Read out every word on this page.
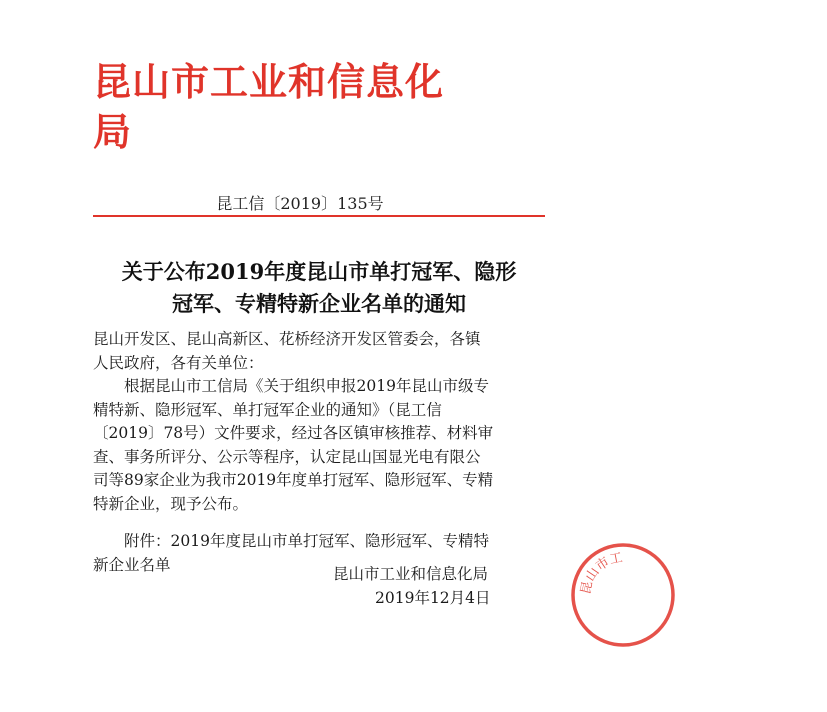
昆山市工业和信息化
局
昆工信〔2019〕135号
关于公布2019年度昆山市单打冠军、隐形
冠军、专精特新企业名单的通知
昆山开发区、昆山高新区、花桥经济开发区管委会，各镇
人民政府，各有关单位：
根据昆山市工信局《关于组织申报2019年昆山市级专
精特新、隐形冠军、单打冠军企业的通知》（昆工信
〔2019〕78号）文件要求，经过各区镇审核推荐、材料审
查、事务所评分、公示等程序，认定昆山国显光电有限公
司等89家企业为我市2019年度单打冠军、隐形冠军、专精
特新企业，现予公布。
附件：2019年度昆山市单打冠军、隐形冠军、专精特
新企业名单
昆山市工业和信息化局
2019年12月4日
昆山市工
